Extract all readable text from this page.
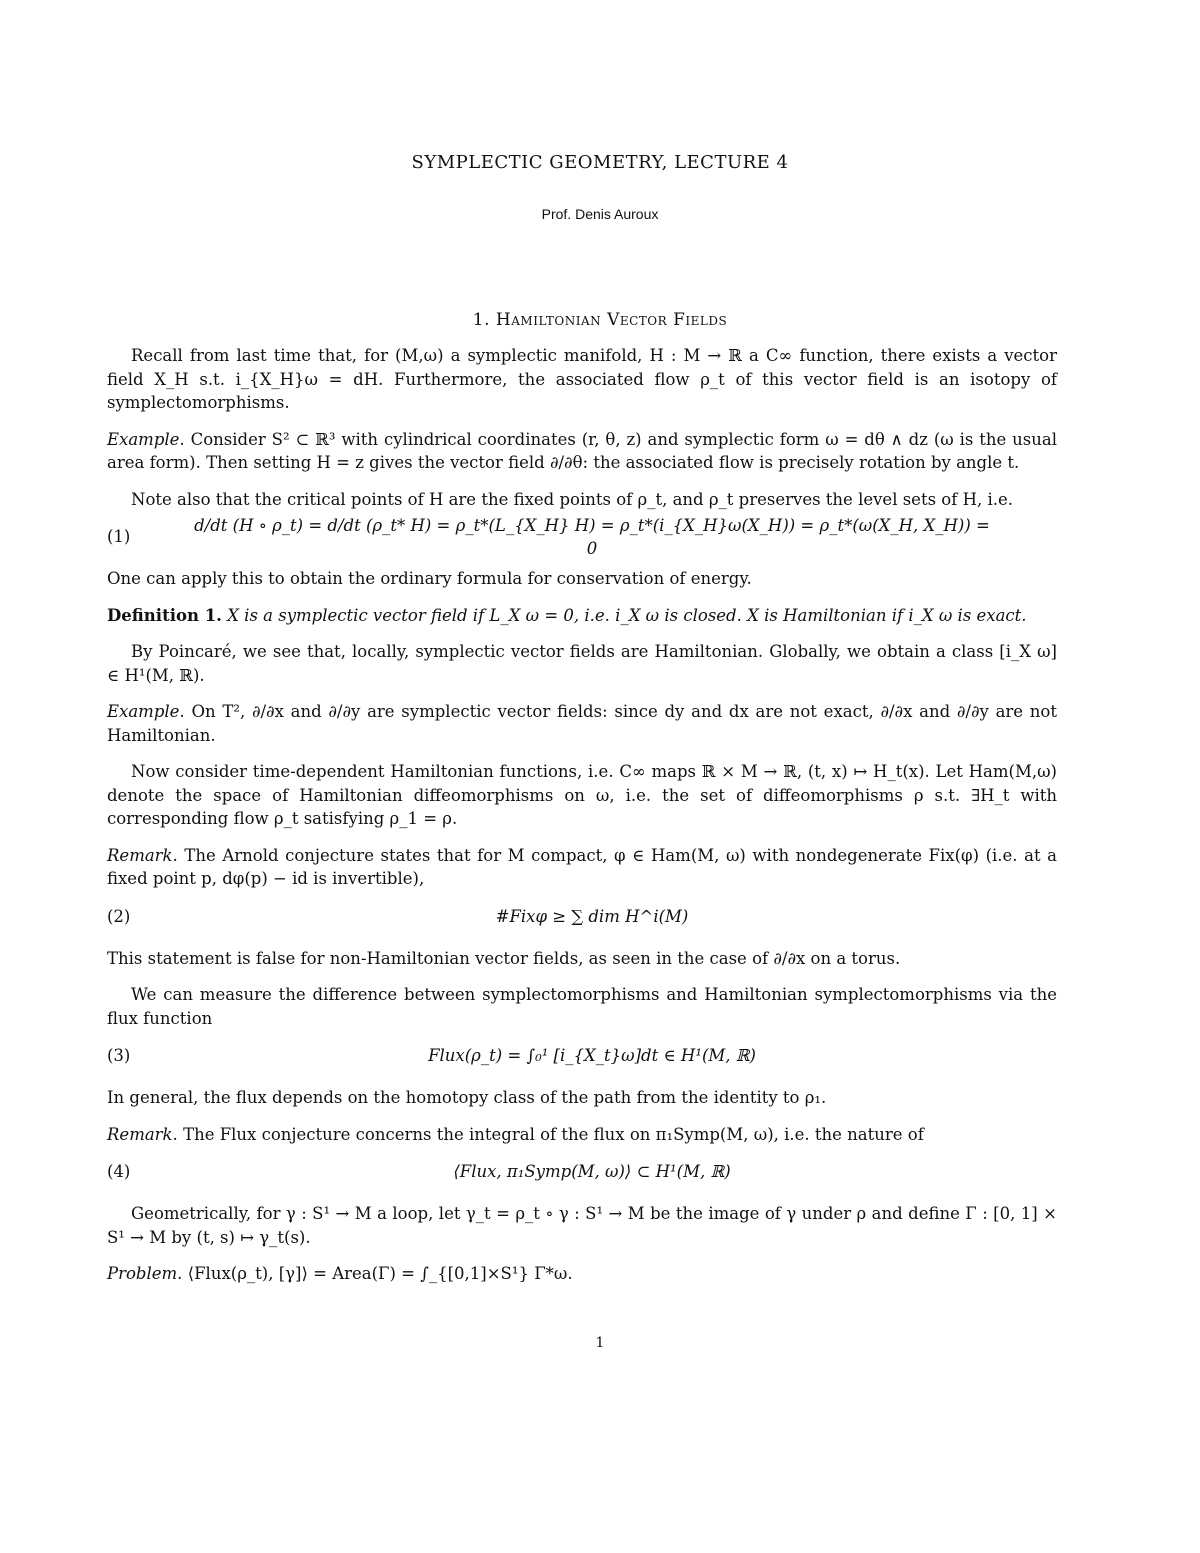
SYMPLECTIC GEOMETRY, LECTURE 4
Prof. Denis Auroux
1. Hamiltonian Vector Fields

Recall from last time that, for (M,ω) a symplectic manifold, H : M → ℝ a C∞ function, there exists a vector field X_H s.t. i_{X_H}ω = dH. Furthermore, the associated flow ρ_t of this vector field is an isotopy of symplectomorphisms.

Example. Consider S² ⊂ ℝ³ with cylindrical coordinates (r, θ, z) and symplectic form ω = dθ ∧ dz (ω is the usual area form). Then setting H = z gives the vector field ∂/∂θ: the associated flow is precisely rotation by angle t.

Note also that the critical points of H are the fixed points of ρ_t, and ρ_t preserves the level sets of H, i.e.

(1)
d/dt (H ∘ ρ_t) = d/dt (ρ_t* H) = ρ_t*(L_{X_H} H) = ρ_t*(i_{X_H}ω(X_H)) = ρ_t*(ω(X_H, X_H)) = 0

One can apply this to obtain the ordinary formula for conservation of energy.

Definition 1. X is a symplectic vector field if L_X ω = 0, i.e. i_X ω is closed. X is Hamiltonian if i_X ω is exact.

By Poincaré, we see that, locally, symplectic vector fields are Hamiltonian. Globally, we obtain a class [i_X ω] ∈ H¹(M, ℝ).

Example. On T², ∂/∂x and ∂/∂y are symplectic vector fields: since dy and dx are not exact, ∂/∂x and ∂/∂y are not Hamiltonian.

Now consider time-dependent Hamiltonian functions, i.e. C∞ maps ℝ × M → ℝ, (t, x) ↦ H_t(x). Let Ham(M,ω) denote the space of Hamiltonian diffeomorphisms on ω, i.e. the set of diffeomorphisms ρ s.t. ∃H_t with corresponding flow ρ_t satisfying ρ_1 = ρ.

Remark. The Arnold conjecture states that for M compact, φ ∈ Ham(M, ω) with nondegenerate Fix(φ) (i.e. at a fixed point p, dφ(p) − id is invertible),

(2)	#Fixφ ≥ ∑ dim H^i(M)

This statement is false for non-Hamiltonian vector fields, as seen in the case of ∂/∂x on a torus.

We can measure the difference between symplectomorphisms and Hamiltonian symplectomorphisms via the flux function

(3)	Flux(ρ_t) = ∫₀¹ [i_{X_t}ω]dt ∈ H¹(M, ℝ)

In general, the flux depends on the homotopy class of the path from the identity to ρ₁.

Remark. The Flux conjecture concerns the integral of the flux on π₁Symp(M, ω), i.e. the nature of

(4)	⟨Flux, π₁Symp(M, ω)⟩ ⊂ H¹(M, ℝ)

Geometrically, for γ : S¹ → M a loop, let γ_t = ρ_t ∘ γ : S¹ → M be the image of γ under ρ and define Γ : [0, 1] × S¹ → M by (t, s) ↦ γ_t(s).

Problem. ⟨Flux(ρ_t), [γ]⟩ = Area(Γ) = ∫_{[0,1]×S¹} Γ*ω.

1
